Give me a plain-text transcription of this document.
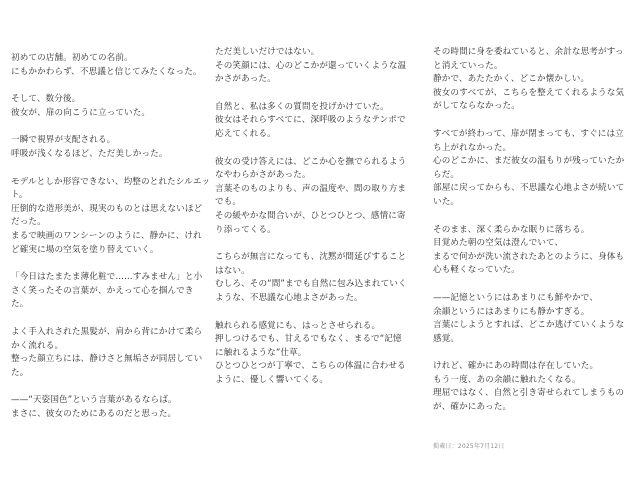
初めての店舗。初めての名前。
にもかかわらず、不思議と信じてみたくなった。

そして、数分後。
彼女が、扉の向こうに立っていた。

一瞬で視界が支配される。
呼吸が浅くなるほど、ただ美しかった。

モデルとしか形容できない、均整のとれたシルエッ
ト。
圧倒的な造形美が、現実のものとは思えないほど
だった。
まるで映画のワンシーンのように、静かに、けれ
ど確実に場の空気を塗り替えていく。

「今日はたまたま薄化粧で……すみません」と小
さく笑ったその言葉が、かえって心を掴んでき
た。

よく手入れされた黒髪が、肩から背にかけて柔ら
かく流れる。
整った顔立ちには、静けさと無垢さが同居してい
た。

——“天姿国色”という言葉があるならば。
まさに、彼女のためにあるのだと思った。

ただ美しいだけではない。
その笑顔には、心のどこかが還っていくような温
かさがあった。

自然と、私は多くの質問を投げかけていた。
彼女はそれらすべてに、深呼吸のようなテンポで
応えてくれる。

彼女の受け答えには、どこか心を撫でられるよう
なやわらかさがあった。
言葉そのものよりも、声の温度や、間の取り方ま
でも。
その緩やかな間合いが、ひとつひとつ、感情に寄
り添ってくる。

こちらが無言になっても、沈黙が間延びすること
はない。
むしろ、その“間”までも自然に包み込まれていく
ような、不思議な心地よさがあった。

触れられる感覚にも、はっとさせられる。
押しつけるでも、甘えるでもなく、まるで“記憶
に触れるような”仕草。
ひとつひとつが丁寧で、こちらの体温に合わせる
ように、優しく響いてくる。

その時間に身を委ねていると、余計な思考がすっ
と消えていった。
静かで、あたたかく、どこか懐かしい。
彼女のすべてが、こちらを整えてくれるような気
がしてならなかった。

すべてが終わって、扉が閉まっても、すぐには立
ち上がれなかった。
心のどこかに、まだ彼女の温もりが残っていたか
らだ。
部屋に戻ってからも、不思議な心地よさが続いて
いた。

そのまま、深く柔らかな眠りに落ちる。
目覚めた朝の空気は澄んでいて、
まるで何かが洗い流されたあとのように、身体も
心も軽くなっていた。

——記憶というにはあまりにも鮮やかで、
余韻というにはあまりにも静かすぎる。
言葉にしようとすれば、どこか逃げていくような
感覚。

けれど、確かにあの時間は存在していた。
もう一度、あの余韻に触れたくなる。
理屈ではなく、自然と引き寄せられてしまうもの
が、確かにあった。

掲載日：2025年7月12日
